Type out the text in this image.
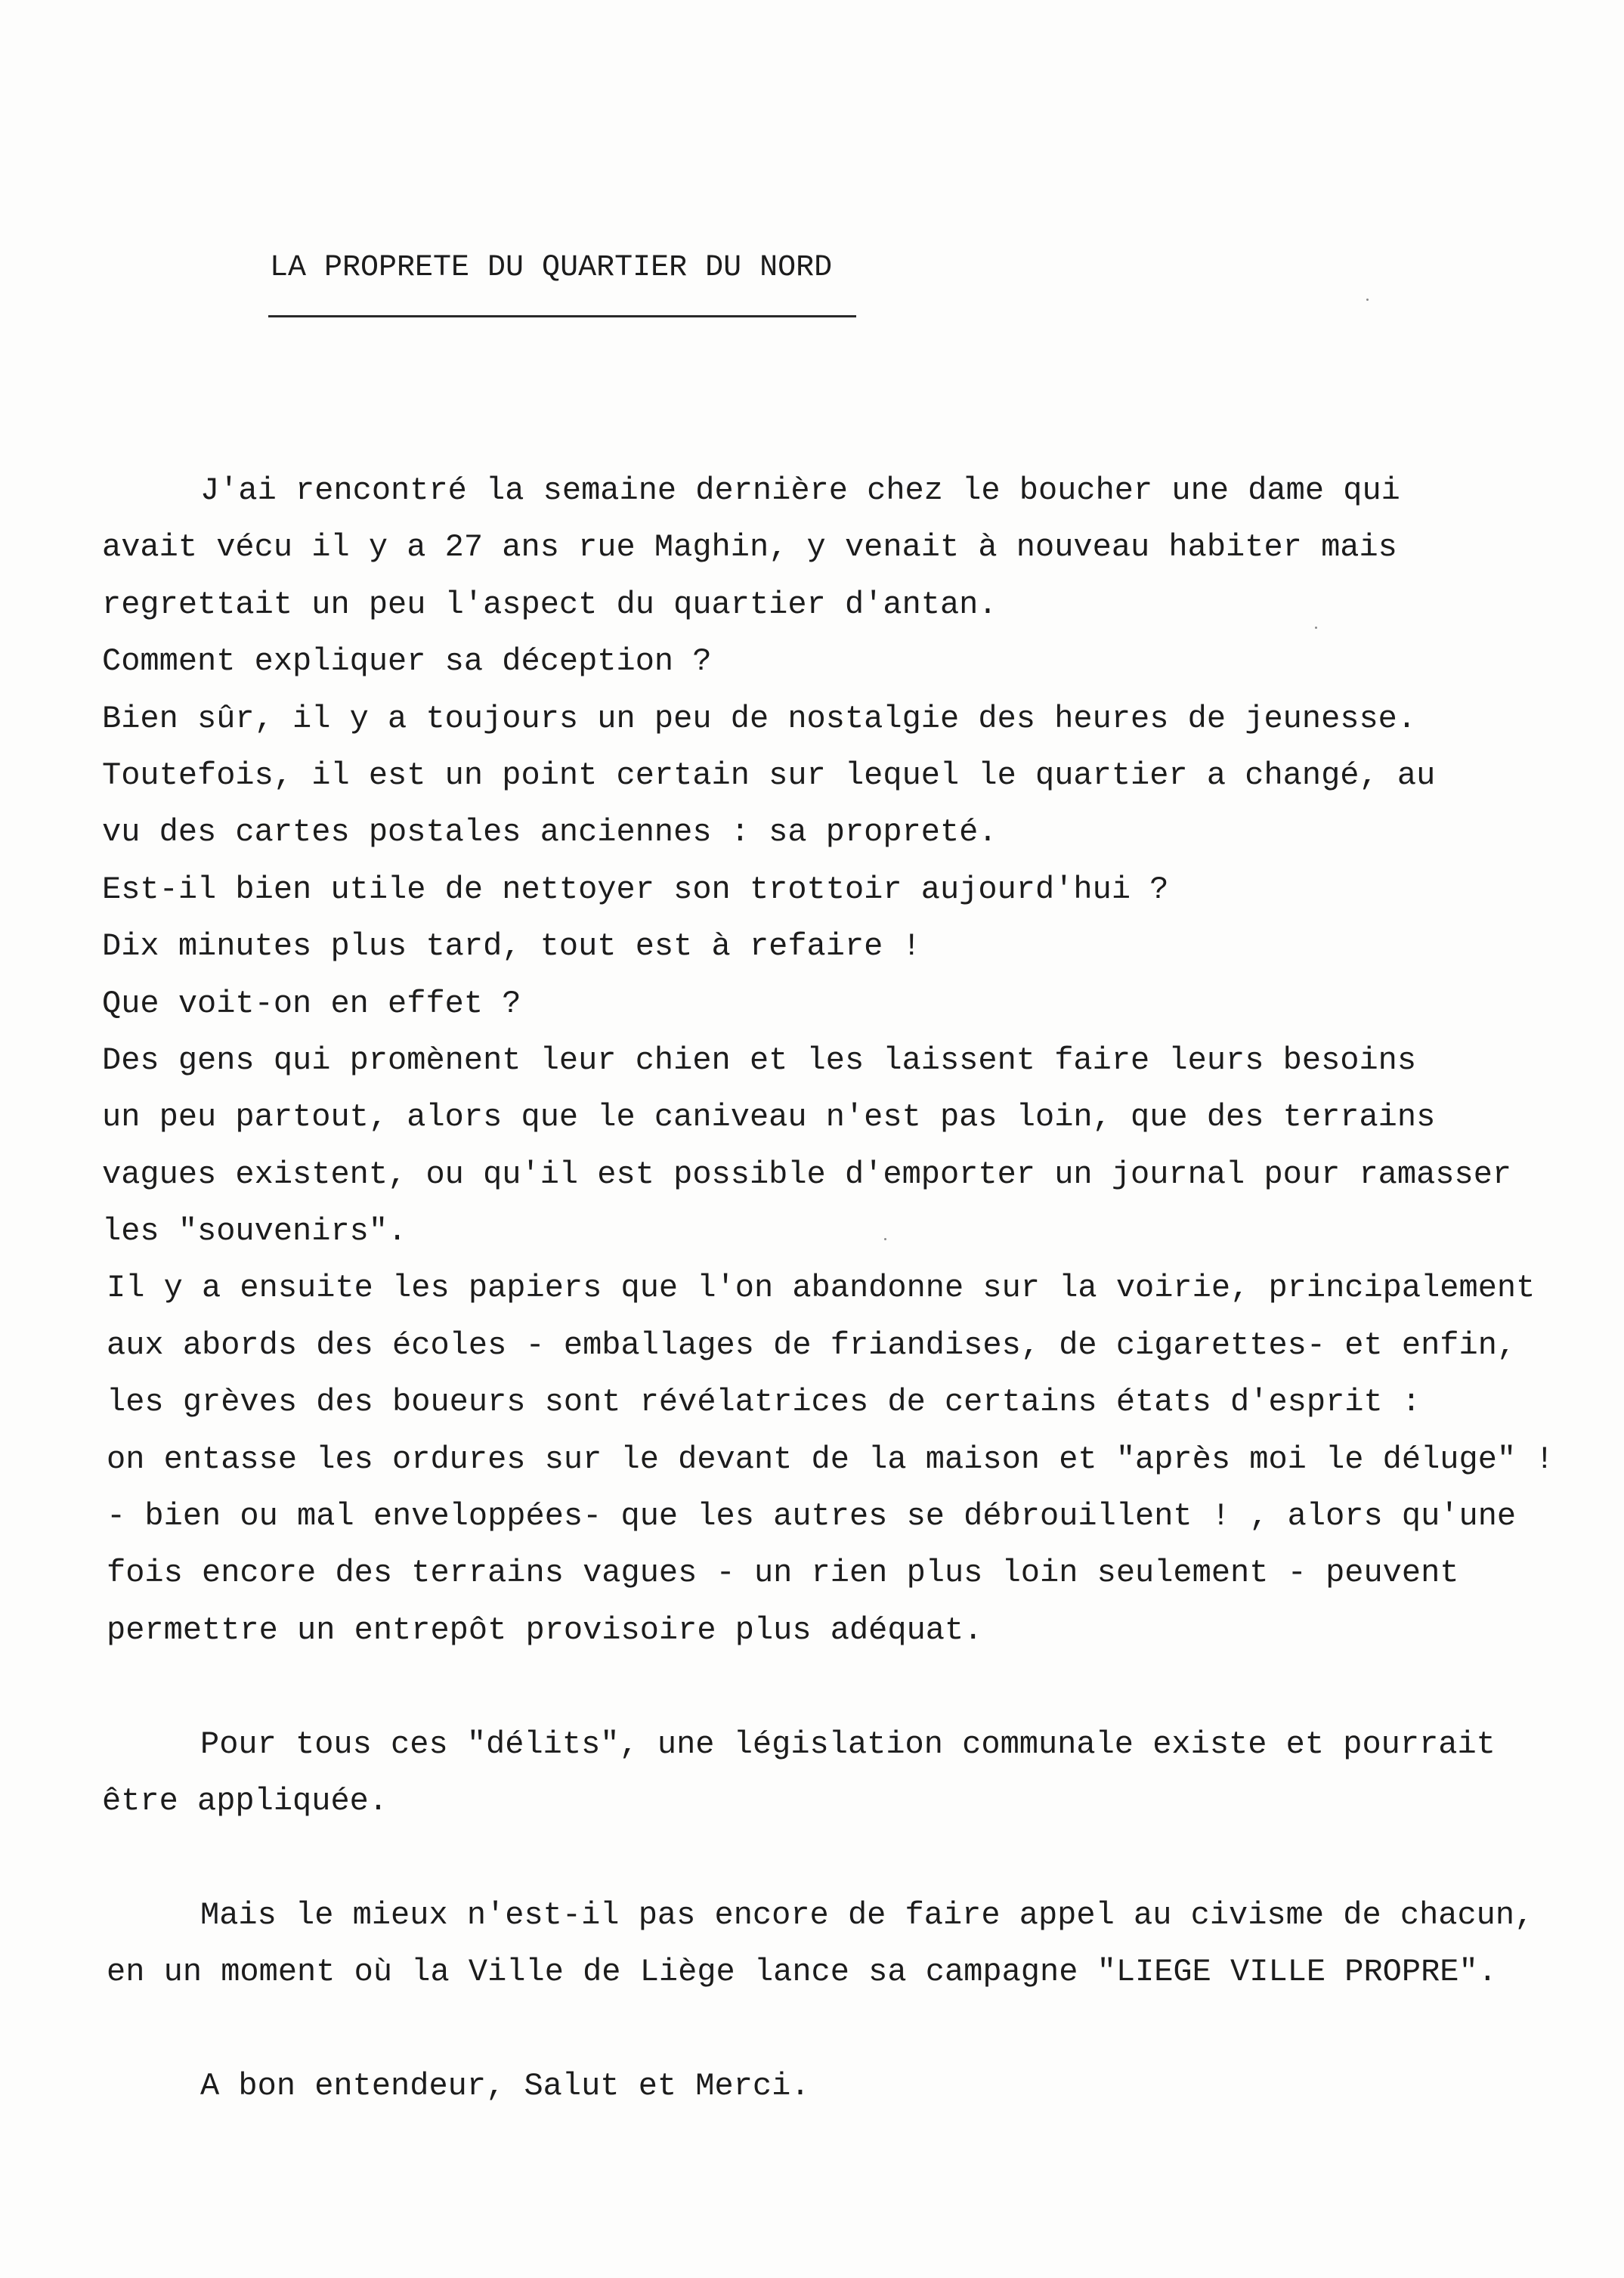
LA PROPRETE DU QUARTIER DU NORD
J'ai rencontré la semaine dernière chez le boucher une dame qui
avait vécu il y a 27 ans rue Maghin, y venait à nouveau habiter mais
regrettait un peu l'aspect du quartier d'antan.
Comment expliquer sa déception ?
Bien sûr, il y a toujours un peu de nostalgie des heures de jeunesse.
Toutefois, il est un point certain sur lequel le quartier a changé, au
vu des cartes postales anciennes : sa propreté.
Est-il bien utile de nettoyer son trottoir aujourd'hui ?
Dix minutes plus tard, tout est à refaire !
Que voit-on en effet ?
Des gens qui promènent leur chien et les laissent faire leurs besoins
un peu partout, alors que le caniveau n'est pas loin, que des terrains
vagues existent, ou qu'il est possible d'emporter un journal pour ramasser
les "souvenirs".
Il y a ensuite les papiers que l'on abandonne sur la voirie, principalement
aux abords des écoles - emballages de friandises, de cigarettes- et enfin,
les grèves des boueurs sont révélatrices de certains états d'esprit :
on entasse les ordures sur le devant de la maison et "après moi le déluge" !
- bien ou mal enveloppées- que les autres se débrouillent ! , alors qu'une
fois encore des terrains vagues - un rien plus loin seulement - peuvent
permettre un entrepôt provisoire plus adéquat.
Pour tous ces "délits", une législation communale existe et pourrait
être appliquée.
Mais le mieux n'est-il pas encore de faire appel au civisme de chacun,
en un moment où la Ville de Liège lance sa campagne "LIEGE VILLE PROPRE".
A bon entendeur, Salut et Merci.
